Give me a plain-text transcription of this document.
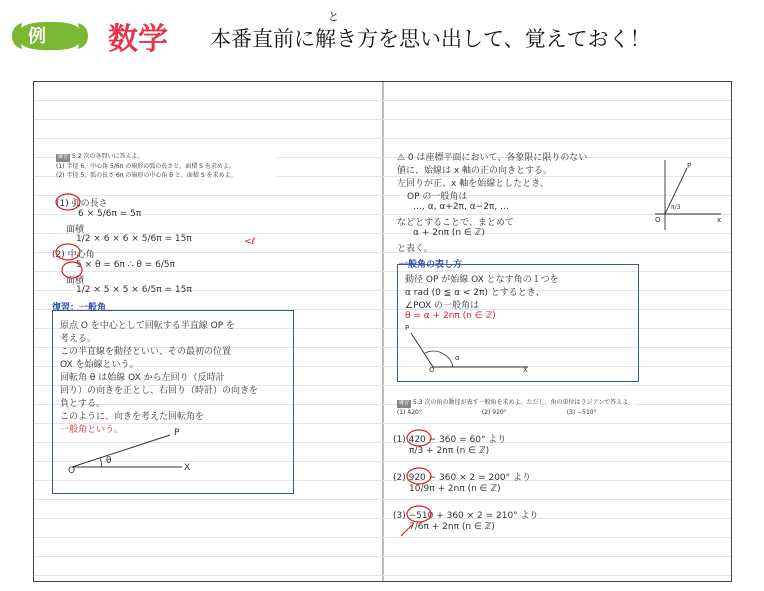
例 数学
と
本番直前に解き方を思い出して、覚えておく！
練習 5.2 次の各問いに答えよ。
(1) 半径 6、中心角 5/6π の扇形の弧の長さと、面積 S を求めよ。
(2) 半径 5、弧の長さ 6π の扇形の中心角 θ と、面積 S を求めよ。
(1) 弧の長さ
6 × 5/6π = 5π
面積
1/2 × 6 × 6 × 5/6π = 15π
(2) 中心角
5 × θ = 6π ∴ θ = 6/5π
面積
1/2 × 5 × 5 × 6/5π = 15π
<ℓ
復習：一般角
原点 O を中心として回転する半直線 OP を
考える。
この半直線を動径といい、その最初の位置
OX を始線という。
回転角 θ は始線 OX から左回り（反時計
回り）の向きを正とし、右回り（時計）の向きを
負とする。
このように、向きを考えた回転角を
一般角という。
O
P
X
θ
⚠ 0 は座標平面において、各象限に限りのない
値に、始線は x 軸の正の向きとする。
左回りが正、x 軸を始線としたとき、
OP の一般角は
…, α, α+2π, α−2π, …
などとすることで、まとめて
α + 2nπ (n ∈ ℤ)
と表く。
P
O	x
π/3
一般角の表し方
動径 OP が始線 OX となす角の１つを
α rad (0 ≦ α < 2π) とするとき、
∠POX の一般角は
θ = α + 2nπ (n ∈ ℤ)
P
O	X
α
練習 5.3 次の角の動径が表す一般角を求めよ。ただし、角の単位はラジアンで答えよ。
(1) 420°	(2) 920°	(3) −510°
(1) 420 − 360 = 60° より
π/3 + 2nπ (n ∈ ℤ)
(2) 920 − 360 × 2 = 200° より
10/9π + 2nπ (n ∈ ℤ)
(3) −510 + 360 × 2 = 210° より
7/6π + 2nπ (n ∈ ℤ)
